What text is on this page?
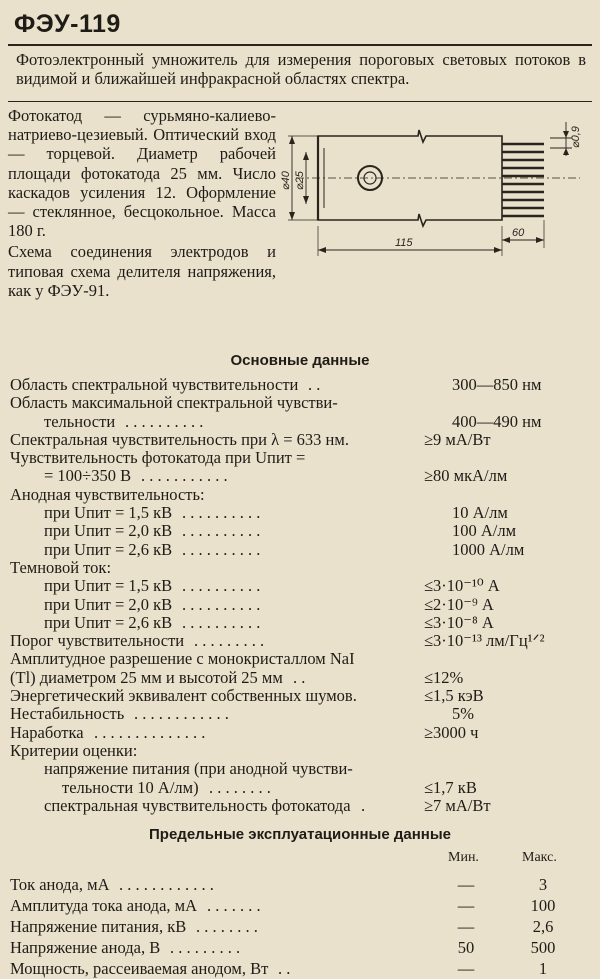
ФЭУ-119
Фотоэлектронный умножитель для измерения пороговых световых потоков в видимой и ближайшей инфракрасной областях спектра.

Фотокатод — сурьмяно-калиево-натриево-цезиевый. Оптический вход — торцевой. Диаметр рабочей площади фотокатода 25 мм. Число каскадов усиления 12. Оформление — стеклянное, бесцокольное. Масса 180 г.

Схема соединения электродов и типовая схема делителя напряжения, как у ФЭУ-91.

⌀40 ⌀25
⌀0,9
115
60
Основные данные
Область спектральной чувствительности . .	300—850 нм
Область максимальной спектральной чувстви-
тельности . . . . . . . . . .	400—490 нм
Спектральная чувствительность при λ = 633 нм.	≥9 мА/Вт
Чувствительность фотокатода при Uпит =
= 100÷350 В . . . . . . . . . . .	≥80 мкА/лм
Анодная чувствительность:
при Uпит = 1,5 кВ . . . . . . . . . .	10 А/лм
при Uпит = 2,0 кВ . . . . . . . . . .	100 А/лм
при Uпит = 2,6 кВ . . . . . . . . . .	1000 А/лм
Темновой ток:
при Uпит = 1,5 кВ . . . . . . . . . .	≤3·10⁻¹⁰ А
при Uпит = 2,0 кВ . . . . . . . . . .	≤2·10⁻⁹ А
при Uпит = 2,6 кВ . . . . . . . . . .	≤3·10⁻⁸ А
Порог чувствительности . . . . . . . . .	≤3·10⁻¹³ лм/Гц¹ᐟ²
Амплитудное разрешение с монокристаллом NaI
(Tl) диаметром 25 мм и высотой 25 мм . .	≤12%
Энергетический эквивалент собственных шумов.	≤1,5 кэВ
Нестабильность . . . . . . . . . . . .	5%
Наработка . . . . . . . . . . . . . .	≥3000 ч
Критерии оценки:
напряжение питания (при анодной чувстви-
тельности 10 А/лм) . . . . . . . .	≤1,7 кВ
спектральная чувствительность фотокатода .	≥7 мА/Вт
Предельные эксплуатационные данные
Мин.	Макс.
Ток анода, мА . . . . . . . . . . . .	—	3
Амплитуда тока анода, мА . . . . . . .	—	100
Напряжение питания, кВ . . . . . . . .	—	2,6
Напряжение анода, В . . . . . . . . .	50	500
Мощность, рассеиваемая анодом, Вт . .	—	1
